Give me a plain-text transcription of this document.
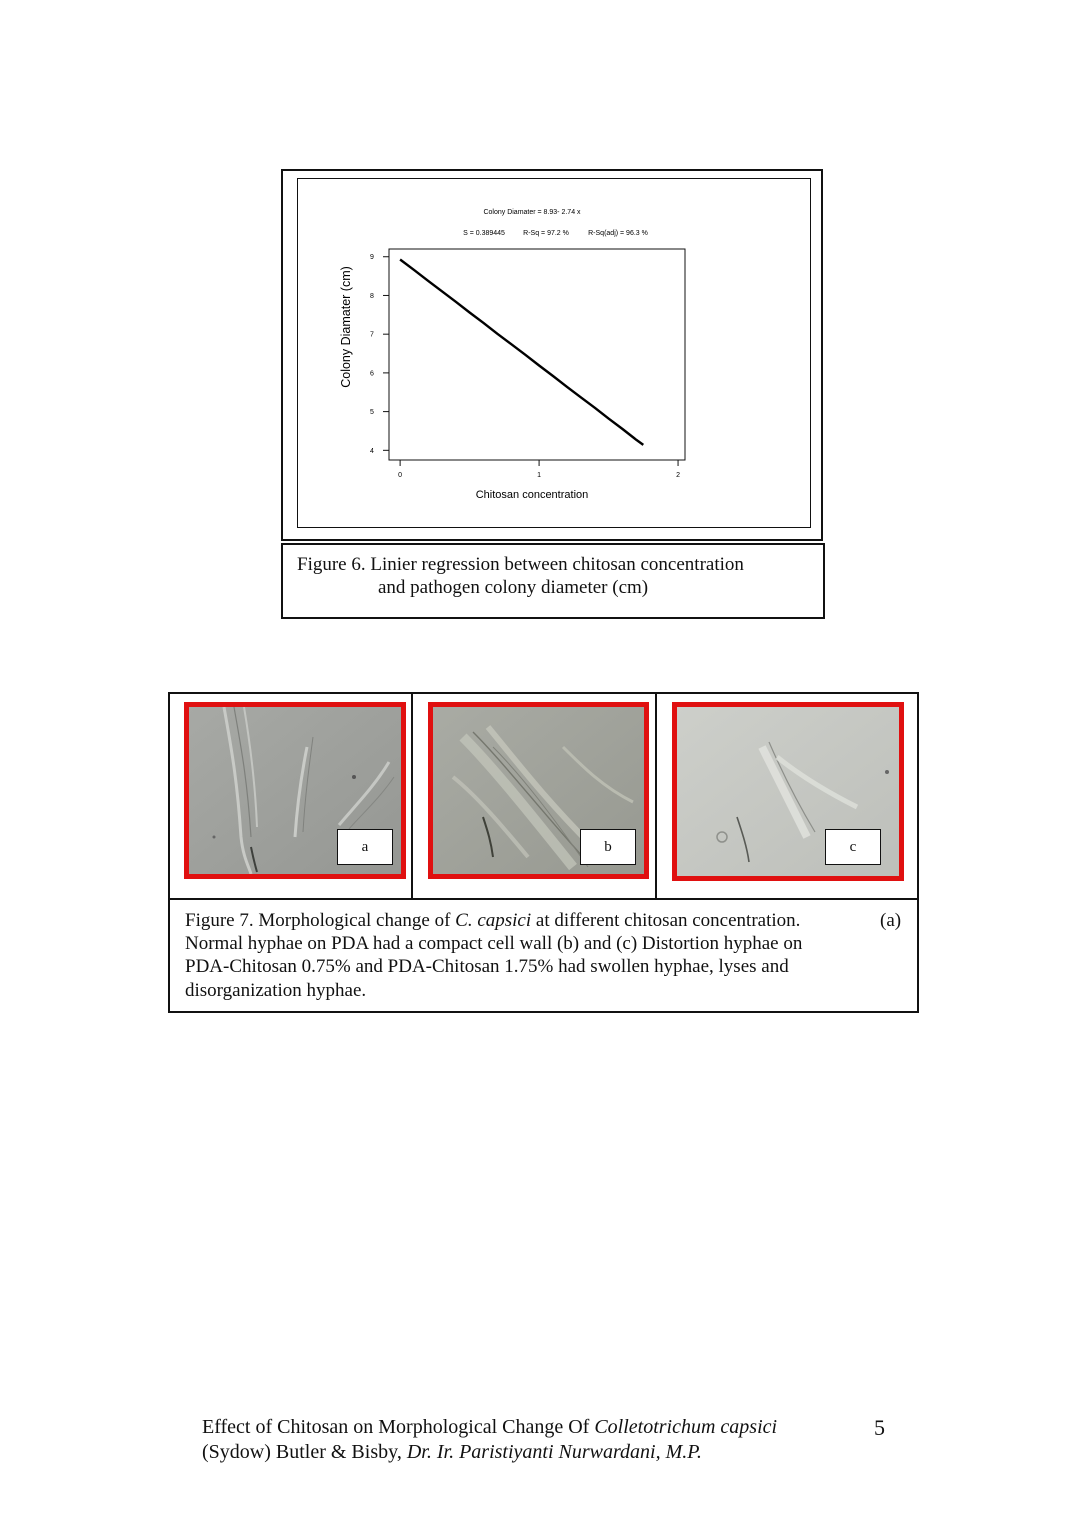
Colony Diamater = 8.93- 2.74 x
S = 0.389445	R-Sq = 97.2 %	R-Sq(adj) = 96.3 %
9
8
7
6
5
4
0	1	2
Colony Diamater (cm)
Chitosan concentration
Figure 6. Linier regression between chitosan concentration
and pathogen colony diameter (cm)
a	b	c
Figure 7. Morphological change of C. capsici at different chitosan concentration.	(a)
Normal hyphae on PDA had a compact cell wall (b) and (c) Distortion hyphae on
PDA-Chitosan 0.75% and PDA-Chitosan 1.75% had swollen hyphae, lyses and
disorganization hyphae.
Effect of Chitosan on Morphological Change Of Colletotrichum capsici
(Sydow) Butler & Bisby, Dr. Ir. Paristiyanti Nurwardani, M.P.
5
